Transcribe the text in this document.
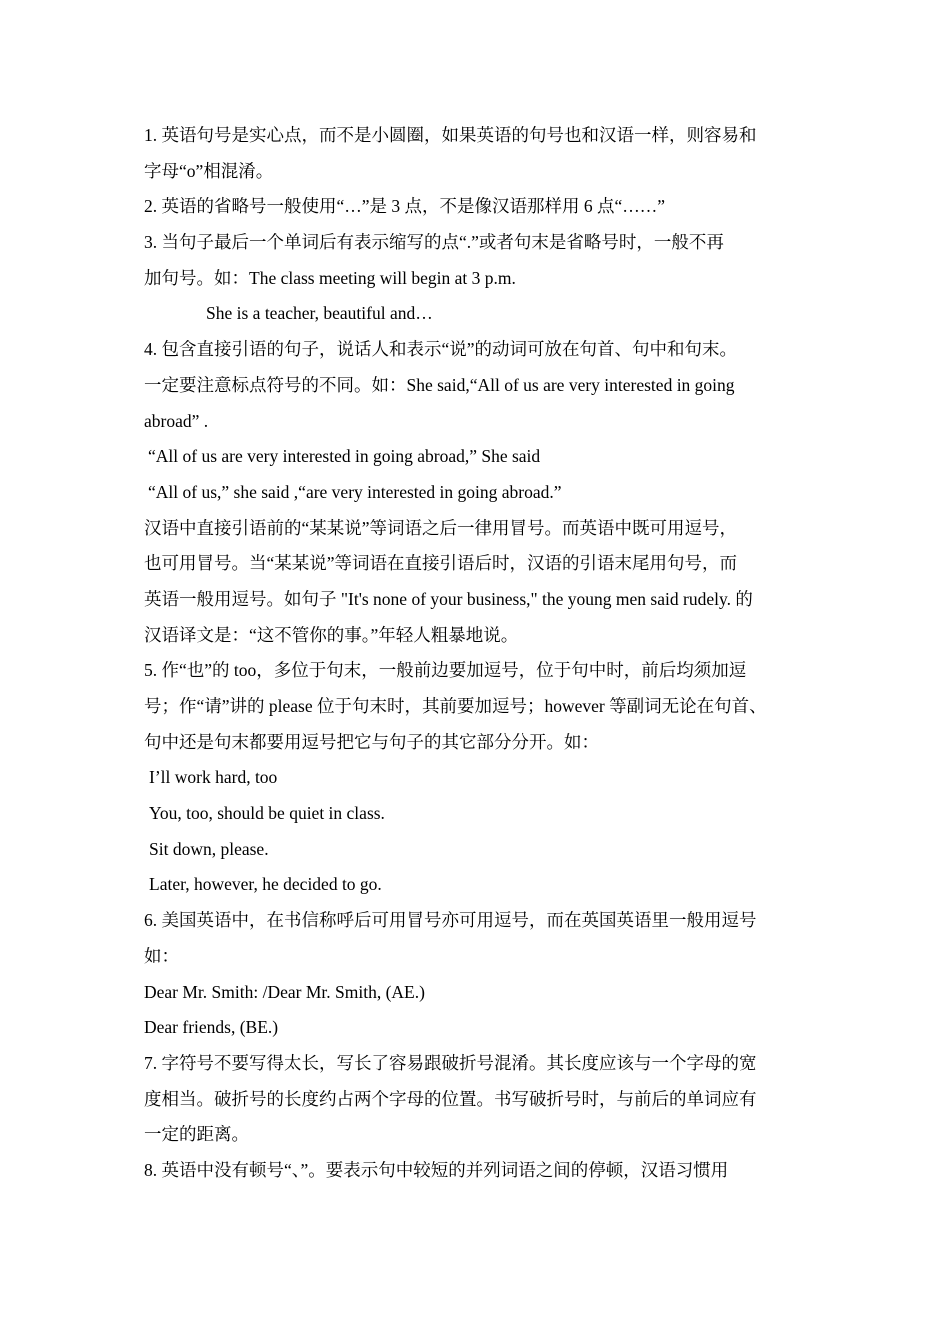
1. 英语句号是实心点，而不是小圆圈，如果英语的句号也和汉语一样，则容易和
字母“o”相混淆。
2. 英语的省略号一般使用“…”是 3 点，不是像汉语那样用 6 点“……”
3. 当句子最后一个单词后有表示缩写的点“.”或者句末是省略号时，一般不再
加句号。如：The class meeting will begin at 3 p.m.
She is a teacher, beautiful and…
4. 包含直接引语的句子，说话人和表示“说”的动词可放在句首、句中和句末。
一定要注意标点符号的不同。如：She said,“All of us are very interested in going
abroad” .
“All of us are very interested in going abroad,” She said
“All of us,” she said ,“are very interested in going abroad.”
汉语中直接引语前的“某某说”等词语之后一律用冒号。而英语中既可用逗号，
也可用冒号。当“某某说”等词语在直接引语后时，汉语的引语末尾用句号，而
英语一般用逗号。如句子 "It's none of your business," the young men said rudely. 的
汉语译文是：“这不管你的事。”年轻人粗暴地说。
5. 作“也”的 too，多位于句末，一般前边要加逗号，位于句中时，前后均须加逗
号；作“请”讲的 please 位于句末时，其前要加逗号；however 等副词无论在句首、
句中还是句末都要用逗号把它与句子的其它部分分开。如：
I’ll work hard, too
You, too, should be quiet in class.
Sit down, please.
Later, however, he decided to go.
6. 美国英语中，在书信称呼后可用冒号亦可用逗号，而在英国英语里一般用逗号
如：
Dear Mr. Smith: /Dear Mr. Smith, (AE.)
Dear friends, (BE.)
7. 字符号不要写得太长，写长了容易跟破折号混淆。其长度应该与一个字母的宽
度相当。破折号的长度约占两个字母的位置。书写破折号时，与前后的单词应有
一定的距离。
8. 英语中没有顿号“、”。要表示句中较短的并列词语之间的停顿，汉语习惯用
